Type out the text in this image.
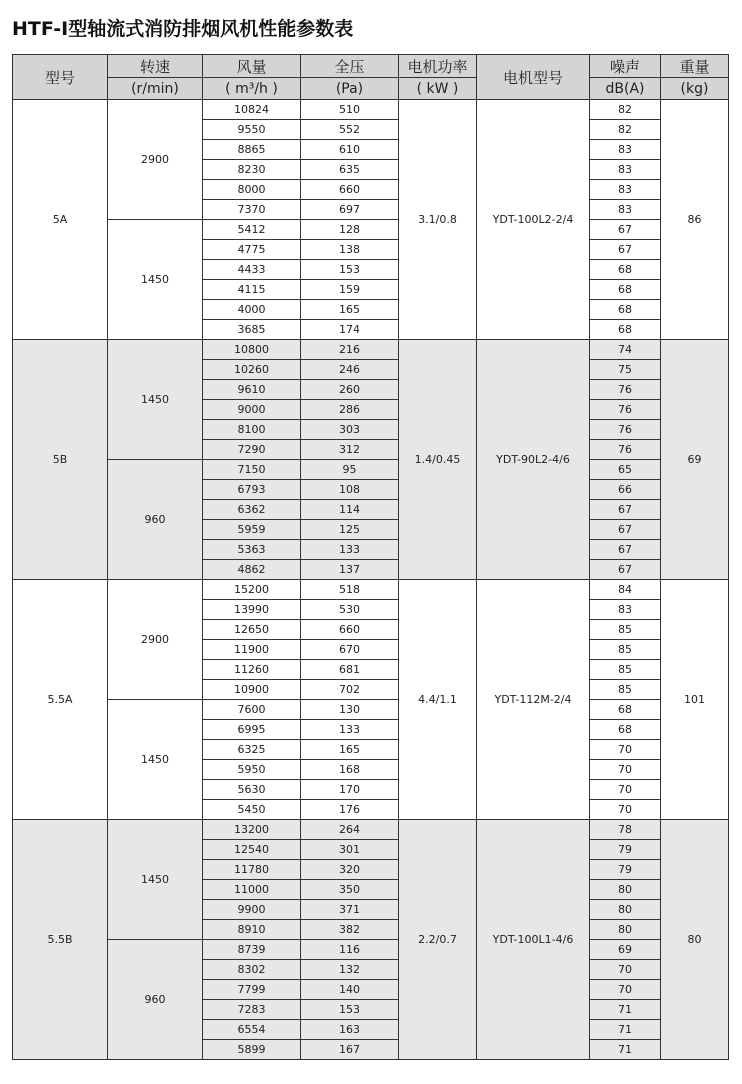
HTF-I型轴流式消防排烟风机性能参数表
型号	转速	风量	全压	电机功率	电机型号	噪声	重量
	(r/min)	( m³/h )	(Pa)	( kW )		dB(A)	(kg)
5A	2900	10824	510	3.1/0.8	YDT-100L2-2/4	82	86
		9550	552			82	
		8865	610			83	
		8230	635			83	
		8000	660			83	
		7370	697			83	
	1450	5412	128			67	
		4775	138			67	
		4433	153			68	
		4115	159			68	
		4000	165			68	
		3685	174			68	
5B	1450	10800	216	1.4/0.45	YDT-90L2-4/6	74	69
		10260	246			75	
		9610	260			76	
		9000	286			76	
		8100	303			76	
		7290	312			76	
	960	7150	95			65	
		6793	108			66	
		6362	114			67	
		5959	125			67	
		5363	133			67	
		4862	137			67	
5.5A	2900	15200	518	4.4/1.1	YDT-112M-2/4	84	101
		13990	530			83	
		12650	660			85	
		11900	670			85	
		11260	681			85	
		10900	702			85	
	1450	7600	130			68	
		6995	133			68	
		6325	165			70	
		5950	168			70	
		5630	170			70	
		5450	176			70	
5.5B	1450	13200	264	2.2/0.7	YDT-100L1-4/6	78	80
		12540	301			79	
		11780	320			79	
		11000	350			80	
		9900	371			80	
		8910	382			80	
	960	8739	116			69	
		8302	132			70	
		7799	140			70	
		7283	153			71	
		6554	163			71	
		5899	167			71	
